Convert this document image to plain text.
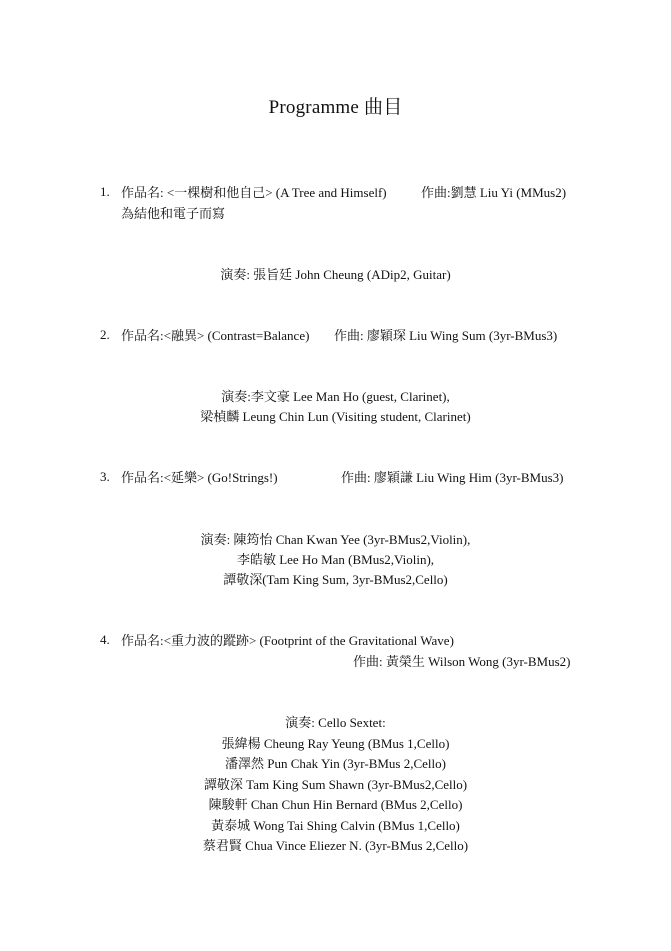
Programme 曲目
1. 作品名: <一棵樹和他自己> (A Tree and Himself)	作曲:劉慧 Liu Yi (MMus2)
為結他和電子而寫
演奏: 張旨廷 John Cheung (ADip2, Guitar)
2. 作品名:<融異> (Contrast=Balance) 作曲: 廖穎琛 Liu Wing Sum (3yr-BMus3)
演奏:李文豪 Lee Man Ho (guest, Clarinet),
梁楨麟 Leung Chin Lun (Visiting student, Clarinet)
3. 作品名:<延樂> (Go!Strings!)	作曲: 廖穎謙 Liu Wing Him (3yr-BMus3)
演奏: 陳筠怡 Chan Kwan Yee (3yr-BMus2,Violin),
李皓敏 Lee Ho Man (BMus2,Violin),
譚敬深(Tam King Sum, 3yr-BMus2,Cello)
4. 作品名:<重力波的蹤跡> (Footprint of the Gravitational Wave)
作曲: 黃榮生 Wilson Wong (3yr-BMus2)
演奏: Cello Sextet:
張緯楊 Cheung Ray Yeung (BMus 1,Cello)
潘澤然 Pun Chak Yin (3yr-BMus 2,Cello)
譚敬深 Tam King Sum Shawn (3yr-BMus2,Cello)
陳駿軒 Chan Chun Hin Bernard (BMus 2,Cello)
黃泰城 Wong Tai Shing Calvin (BMus 1,Cello)
蔡君賢 Chua Vince Eliezer N. (3yr-BMus 2,Cello)
